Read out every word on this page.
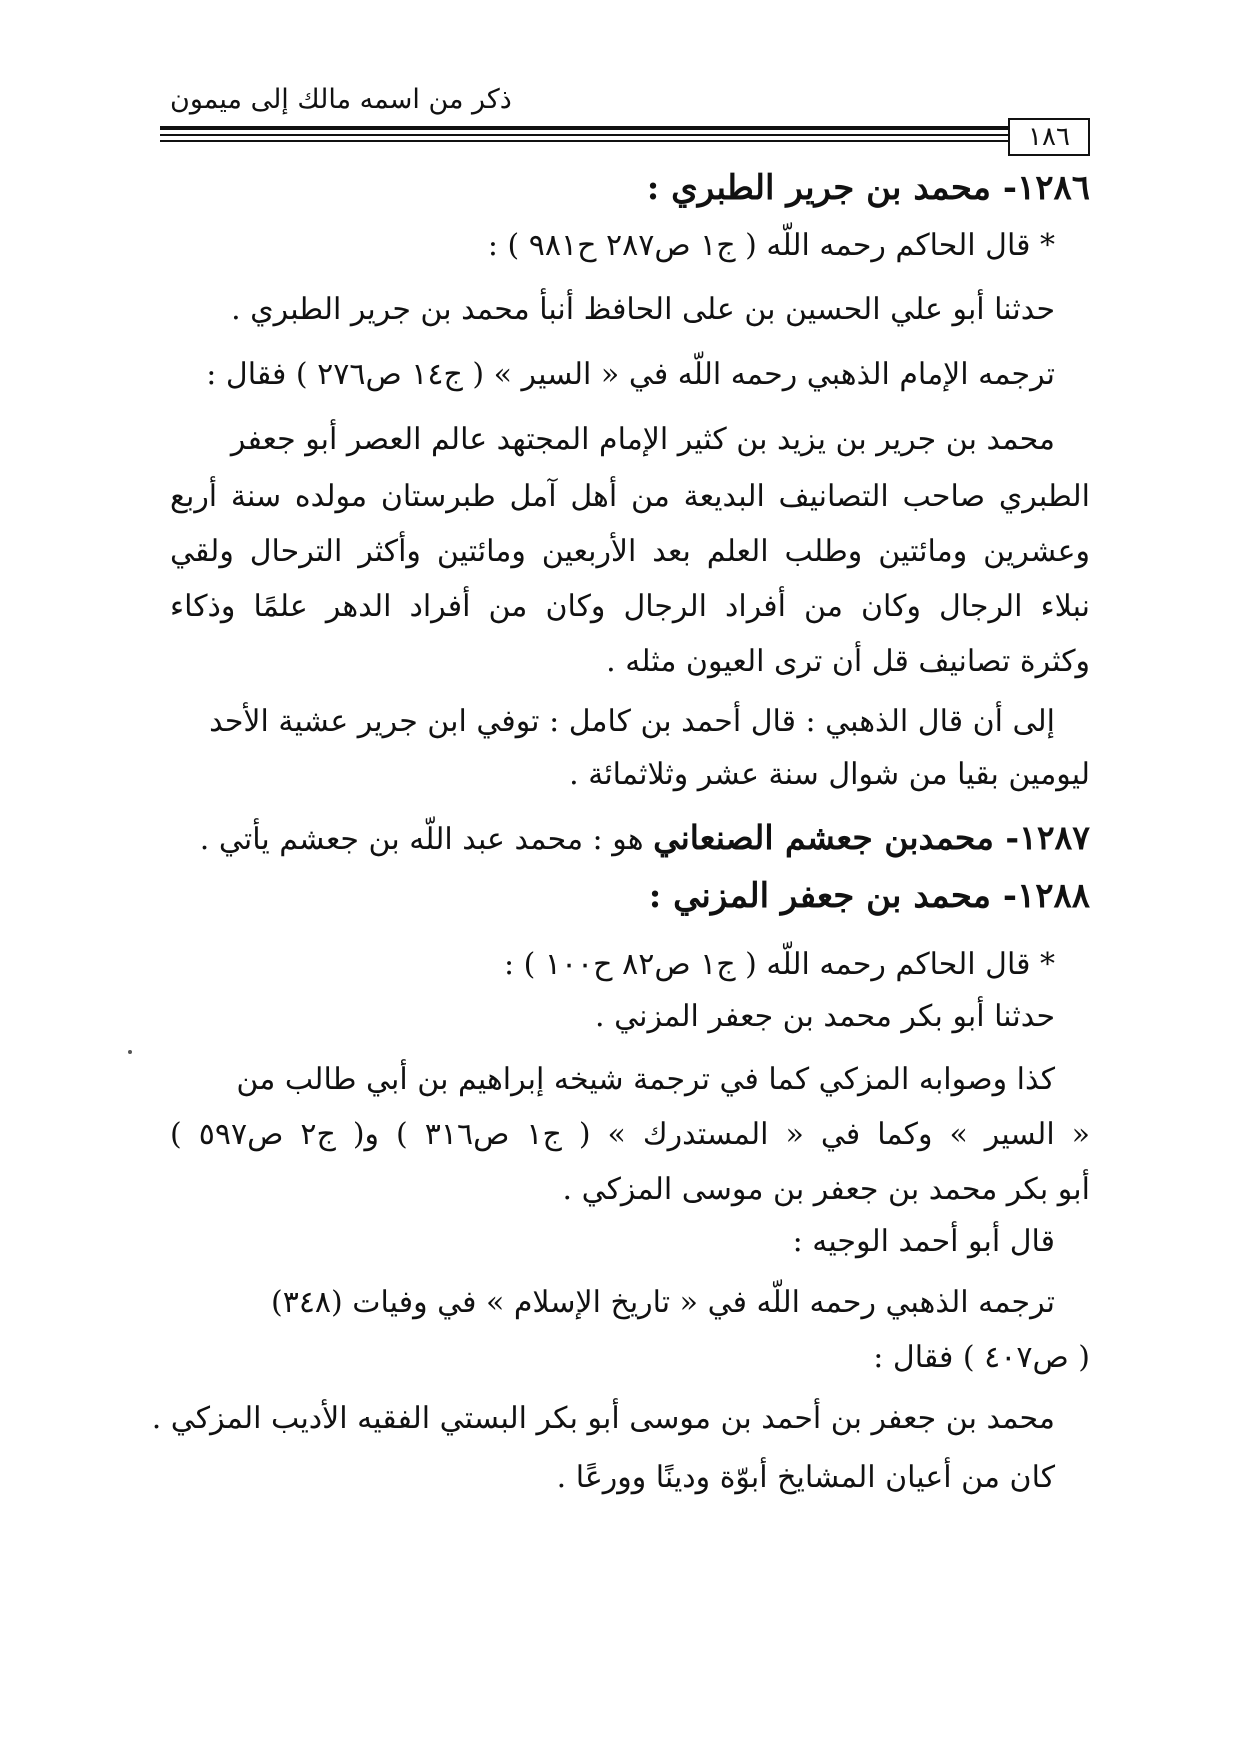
ذكر من اسمه مالك إلى ميمون
١٨٦
١٢٨٦- محمد بن جرير الطبري :
* قال الحاكم رحمه اللّه ( ج١ ص٢٨٧ ح٩٨١ ) :
حدثنا أبو علي الحسين بن على الحافظ أنبأ محمد بن جرير الطبري .
ترجمه الإمام الذهبي رحمه اللّه في « السير » ( ج١٤ ص٢٧٦ ) فقال :
محمد بن جرير بن يزيد بن كثير الإمام المجتهد عالم العصر أبو جعفر
الطبري صاحب التصانيف البديعة من أهل آمل طبرستان مولده سنة أربع
وعشرين ومائتين وطلب العلم بعد الأربعين ومائتين وأكثر الترحال ولقي
نبلاء الرجال وكان من أفراد الرجال وكان من أفراد الدهر علمًا وذكاء
وكثرة تصانيف قل أن ترى العيون مثله .
إلى أن قال الذهبي : قال أحمد بن كامل : توفي ابن جرير عشية الأحد
ليومين بقيا من شوال سنة عشر وثلاثمائة .
١٢٨٧- محمدبن جعشم الصنعاني هو : محمد عبد اللّه بن جعشم يأتي .
١٢٨٨- محمد بن جعفر المزني :
* قال الحاكم رحمه اللّه ( ج١ ص٨٢ ح١٠٠ ) :
حدثنا أبو بكر محمد بن جعفر المزني .
كذا وصوابه المزكي كما في ترجمة شيخه إبراهيم بن أبي طالب من
« السير » وكما في « المستدرك » ( ج١ ص٣١٦ ) و( ج٢ ص٥٩٧ )
أبو بكر محمد بن جعفر بن موسى المزكي .
قال أبو أحمد الوجيه :
ترجمه الذهبي رحمه اللّه في « تاريخ الإسلام » في وفيات (٣٤٨)
( ص٤٠٧ ) فقال :
محمد بن جعفر بن أحمد بن موسى أبو بكر البستي الفقيه الأديب المزكي .
كان من أعيان المشايخ أبوّة ودينًا وورعًا .
